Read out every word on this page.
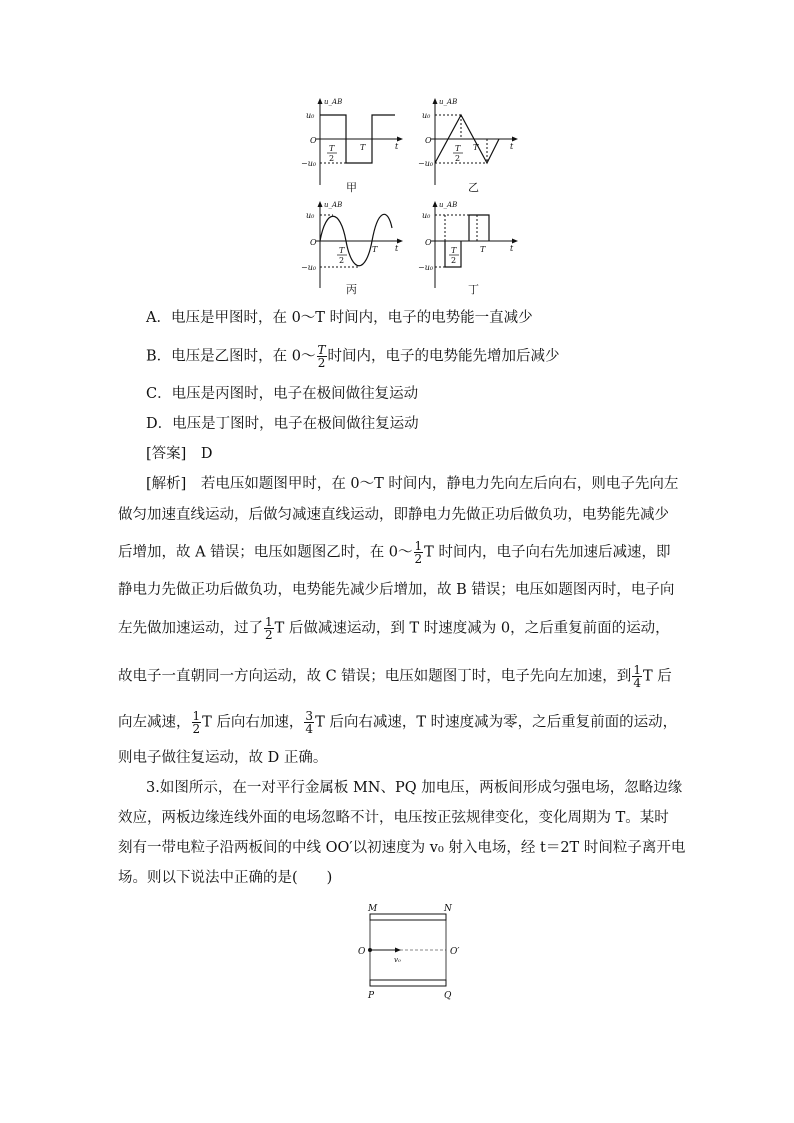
u_AB
u₀
O
−u₀
T
2
T	t
甲
u_AB
u₀
O
−u₀
T
2
T	t
乙
u_AB
u₀
O
−u₀
T
2
T t
丙
u_AB
u₀
O
−u₀
T
2
T	t
丁
A．电压是甲图时，在 0～T 时间内，电子的电势能一直减少
B．电压是乙图时，在 0～ $\frac{T}{2}$ 时间内，电子的电势能先增加后减少
C．电压是丙图时，电子在极间做往复运动
D．电压是丁图时，电子在极间做往复运动
[答案]　D
[解析]　若电压如题图甲时，在 0～T 时间内，静电力先向左后向右，则电子先向左
做匀加速直线运动，后做匀减速直线运动，即静电力先做正功后做负功，电势能先减少
后增加，故 A 错误；电压如题图乙时，在 0～ $\frac{1}{2}$ T 时间内，电子向右先加速后减速，即
静电力先做正功后做负功，电势能先减少后增加，故 B 错误；电压如题图丙时，电子向
左先做加速运动，过了 $\frac{1}{2}$ T 后做减速运动，到 T 时速度减为 0，之后重复前面的运动，
故电子一直朝同一方向运动，故 C 错误；电压如题图丁时，电子先向左加速，到 $\frac{1}{4}$ T 后
向左减速， $\frac{1}{2}$ T 后向右加速， $\frac{3}{4}$ T 后向右减速，T 时速度减为零，之后重复前面的运动，
则电子做往复运动，故 D 正确。
3.如图所示，在一对平行金属板 MN、PQ 加电压，两板间形成匀强电场，忽略边缘
效应，两板边缘连线外面的电场忽略不计，电压按正弦规律变化，变化周期为 T。某时
刻有一带电粒子沿两板间的中线 OO′以初速度为 v₀ 射入电场，经 t＝2T 时间粒子离开电
场。则以下说法中正确的是(　　)
M	N
P	Q
O	O′
v₀
